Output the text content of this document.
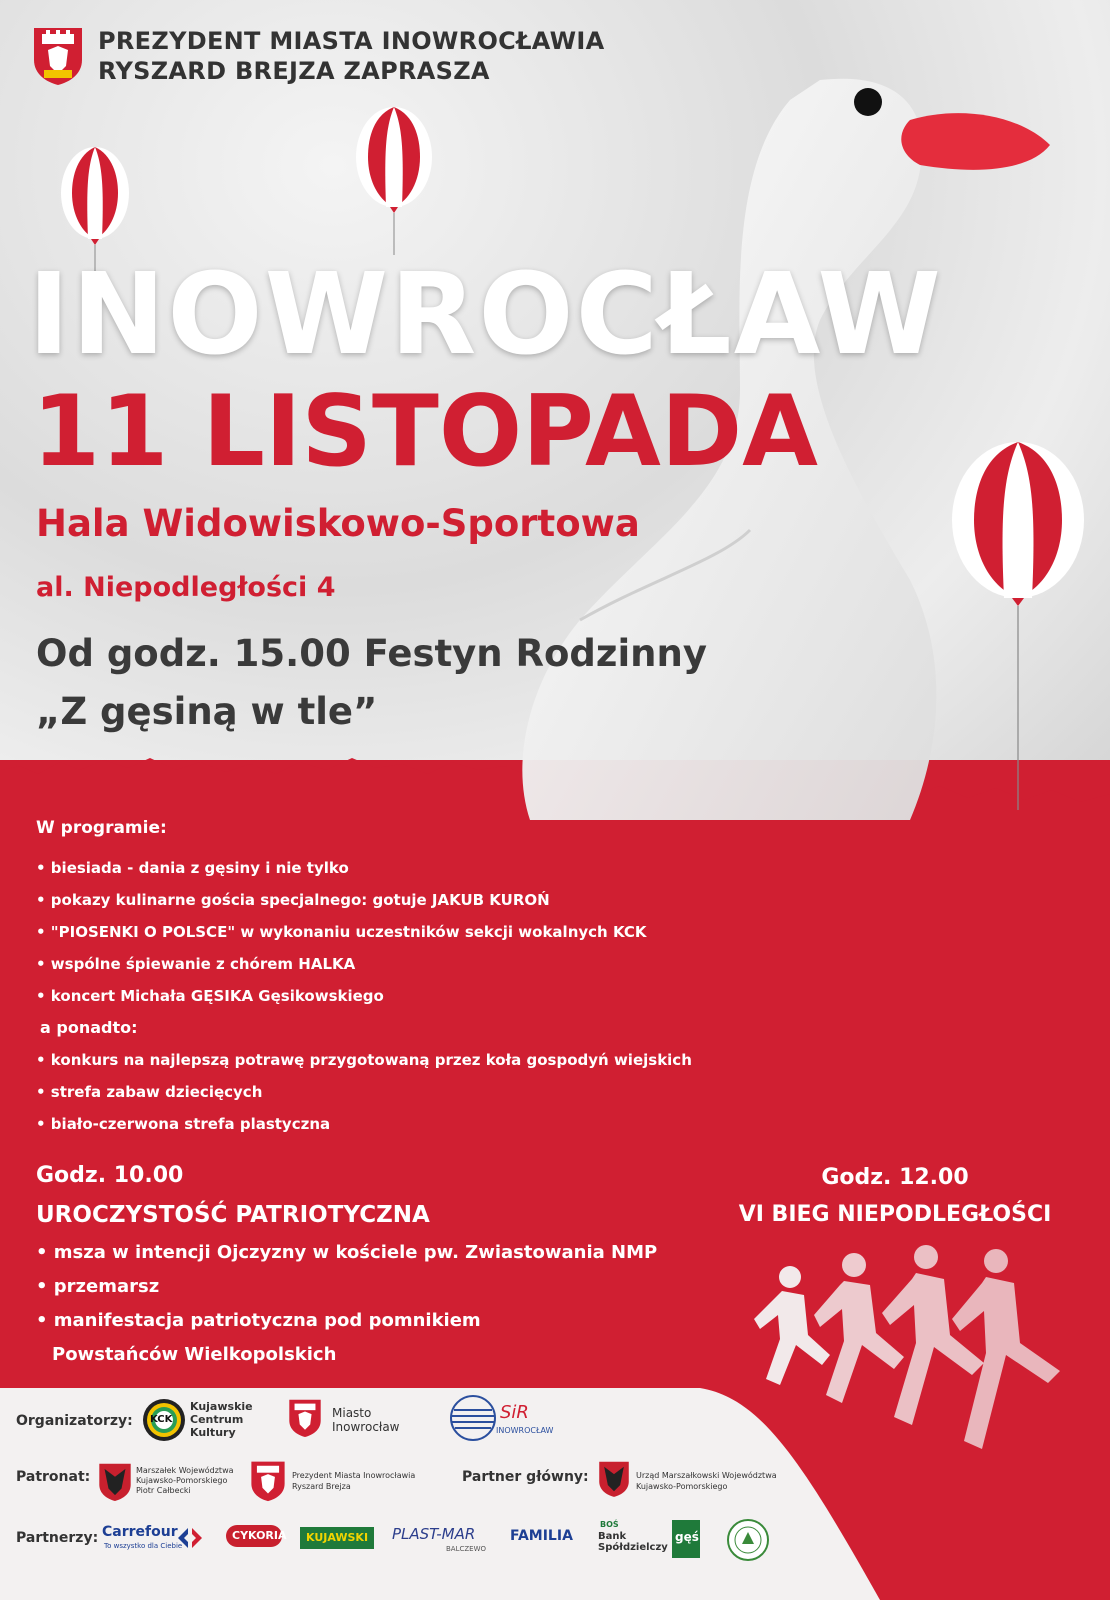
PREZYDENT MIASTA INOWROCŁAWIA
RYSZARD BREJZA ZAPRASZA
INOWROCŁAW
11 LISTOPADA
Hala Widowiskowo-Sportowa
al. Niepodległości 4
Od godz. 15.00 Festyn Rodzinny
„Z gęsiną w tle”
W programie:
• biesiada - dania z gęsiny i nie tylko
• pokazy kulinarne gościa specjalnego: gotuje JAKUB KUROŃ
• "PIOSENKI O POLSCE" w wykonaniu uczestników sekcji wokalnych KCK
• wspólne śpiewanie z chórem HALKA
• koncert Michała GĘSIKA Gęsikowskiego
a ponadto:
• konkurs na najlepszą potrawę przygotowaną przez koła gospodyń wiejskich
• strefa zabaw dziecięcych
• biało-czerwona strefa plastyczna
Godz. 10.00
UROCZYSTOŚĆ PATRIOTYCZNA
• msza w intencji Ojczyzny w kościele pw. Zwiastowania NMP
• przemarsz
• manifestacja patriotyczna pod pomnikiem
Powstańców Wielkopolskich
Godz. 12.00
VI BIEG NIEPODLEGŁOŚCI
Organizatorzy: KCK
Kujawskie
Centrum
Kultury
Miasto
Inowrocław
SiR
INOWROCŁAW
Patronat:	Marszałek Województwa
Kujawsko-Pomorskiego
Piotr Całbecki
Prezydent Miasta Inowrocławia
Ryszard Brejza
Partner główny:	Urząd Marszałkowski Województwa
Kujawsko-Pomorskiego
Partnerzy: Carrefour
To wszystko dla Ciebie
CYKORIA KUJAWSKI PLAST-MAR
BALCZEWO
FAMILIA
BOŚ
Bank
Spółdzielczy
gęś
